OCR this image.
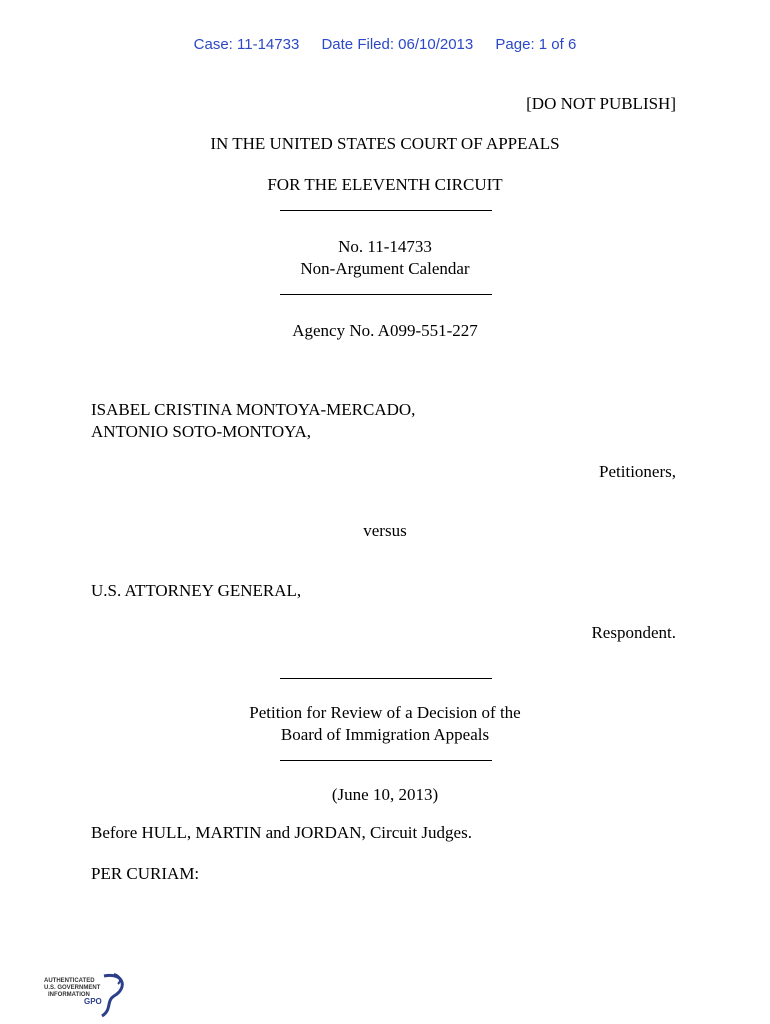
Case: 11-14733 Date Filed: 06/10/2013 Page: 1 of 6
[DO NOT PUBLISH]
IN THE UNITED STATES COURT OF APPEALS
FOR THE ELEVENTH CIRCUIT
No. 11-14733
Non-Argument Calendar
Agency No. A099-551-227
ISABEL CRISTINA MONTOYA-MERCADO,
ANTONIO SOTO-MONTOYA,
Petitioners,
versus
U.S. ATTORNEY GENERAL,
Respondent.
Petition for Review of a Decision of the
Board of Immigration Appeals
(June 10, 2013)
Before HULL, MARTIN and JORDAN, Circuit Judges.
PER CURIAM:
AUTHENTICATED
U.S. GOVERNMENT
INFORMATION
GPO
